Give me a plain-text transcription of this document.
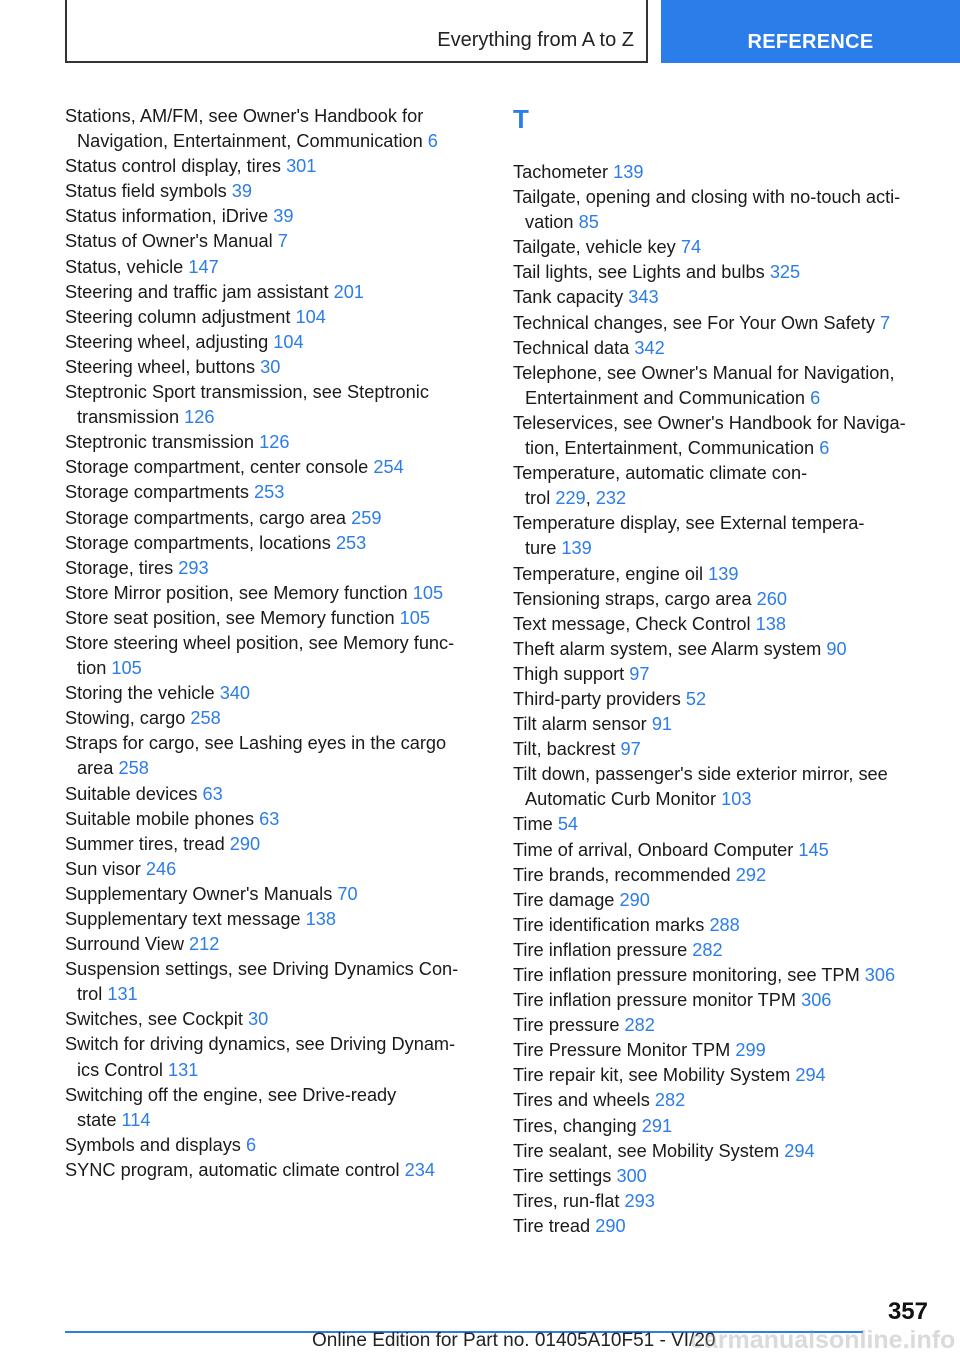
Everything from A to Z	REFERENCE
Stations, AM/FM, see Owner's Handbook for
Navigation, Entertainment, Communication 6
Status control display, tires 301
Status field symbols 39
Status information, iDrive 39
Status of Owner's Manual 7
Status, vehicle 147
Steering and traffic jam assistant 201
Steering column adjustment 104
Steering wheel, adjusting 104
Steering wheel, buttons 30
Steptronic Sport transmission, see Steptronic
transmission 126
Steptronic transmission 126
Storage compartment, center console 254
Storage compartments 253
Storage compartments, cargo area 259
Storage compartments, locations 253
Storage, tires 293
Store Mirror position, see Memory function 105
Store seat position, see Memory function 105
Store steering wheel position, see Memory func-
tion 105
Storing the vehicle 340
Stowing, cargo 258
Straps for cargo, see Lashing eyes in the cargo
area 258
Suitable devices 63
Suitable mobile phones 63
Summer tires, tread 290
Sun visor 246
Supplementary Owner's Manuals 70
Supplementary text message 138
Surround View 212
Suspension settings, see Driving Dynamics Con-
trol 131
Switches, see Cockpit 30
Switch for driving dynamics, see Driving Dynam-
ics Control 131
Switching off the engine, see Drive-ready
state 114
Symbols and displays 6
SYNC program, automatic climate control 234
T
Tachometer 139
Tailgate, opening and closing with no-touch acti-
vation 85
Tailgate, vehicle key 74
Tail lights, see Lights and bulbs 325
Tank capacity 343
Technical changes, see For Your Own Safety 7
Technical data 342
Telephone, see Owner's Manual for Navigation,
Entertainment and Communication 6
Teleservices, see Owner's Handbook for Naviga-
tion, Entertainment, Communication 6
Temperature, automatic climate con-
trol 229, 232
Temperature display, see External tempera-
ture 139
Temperature, engine oil 139
Tensioning straps, cargo area 260
Text message, Check Control 138
Theft alarm system, see Alarm system 90
Thigh support 97
Third-party providers 52
Tilt alarm sensor 91
Tilt, backrest 97
Tilt down, passenger's side exterior mirror, see
Automatic Curb Monitor 103
Time 54
Time of arrival, Onboard Computer 145
Tire brands, recommended 292
Tire damage 290
Tire identification marks 288
Tire inflation pressure 282
Tire inflation pressure monitoring, see TPM 306
Tire inflation pressure monitor TPM 306
Tire pressure 282
Tire Pressure Monitor TPM 299
Tire repair kit, see Mobility System 294
Tires and wheels 282
Tires, changing 291
Tire sealant, see Mobility System 294
Tire settings 300
Tires, run-flat 293
Tire tread 290
357
Online Edition for Part no. 01405A10F51 - VI/20
carmanualsonline.info
